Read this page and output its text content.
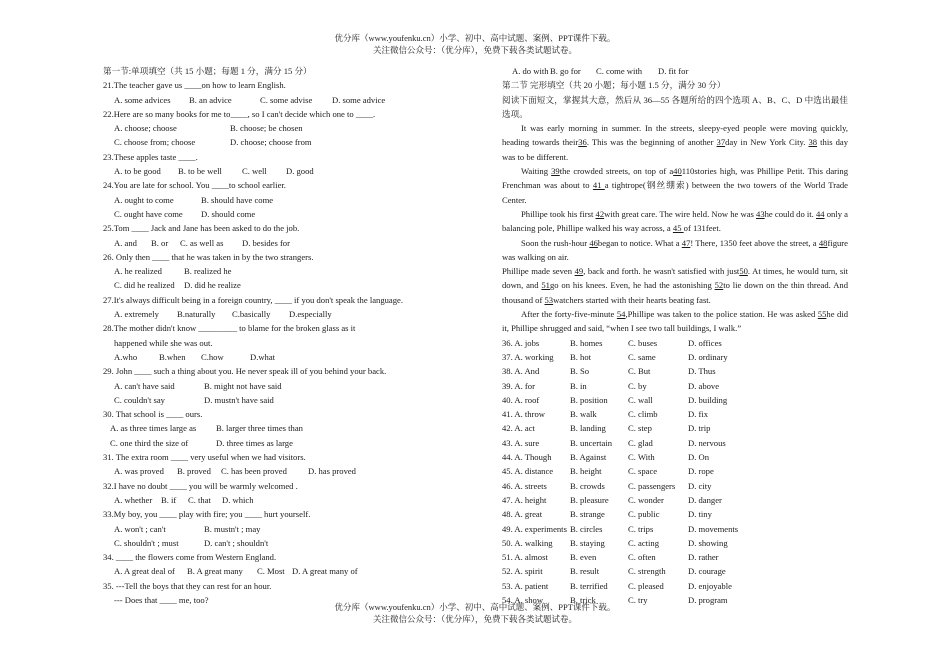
优分库（www.youfenku.cn）小学、初中、高中试题、案例、PPT课件下载。
关注微信公众号：（优分库），免费下载各类试题试卷。
第一节:单项填空（共 15 小题；每题 1 分，满分 15 分）
21.The teacher gave us ____on how to learn English.
A. some advices	B. an advice	C. some advise	D. some advice
22.Here are so many books for me to____, so I can't decide which one to ____.
A. choose; choose	B. choose; be chosen
C. choose from; choose	D. choose; choose from
23.These apples taste ____.
A. to be good	B. to be well	C. well	D. good
24.You are late for school. You ____to school earlier.
A. ought to come	B. should have come
C. ought have come	D. should come
25.Tom ____ Jack and Jane has been asked to do the job.
A. and	B. or	C. as well as	D. besides for
26. Only then ____ that he was taken in by the two strangers.
A. he realized	B. realized he
C. did he realized	D. did he realize
27.It's always difficult being in a foreign country, ____ if you don't speak the language.
A. extremely	B.naturally	C.basically	D.especially
28.The mother didn't know _________ to blame for the broken glass as it
happened while she was out.
A.who	B.when	C.how	D.what
29. John ____ such a thing about you. He never speak ill of you behind your back.
A. can't have said	B. might not have said
C. couldn't say	D. mustn't have said
30. That school is ____ ours.
A. as three times large as	B. larger three times than
C. one third the size of	D. three times as large
31. The extra room ____ very useful when we had visitors.
A. was proved	B. proved	C. has been proved	D. has proved
32.I have no doubt ____ you will be warmly welcomed .
A. whether	B. if	C. that	D. which
33.My boy, you ____ play with fire; you ____ hurt yourself.
A. won't ; can't	B. mustn't ; may
C. shouldn't ; must	D. can't ; shouldn't
34. ____ the flowers come from Western England.
A. A great deal of	B. A great many	C. Most D. A great many of
35. ---Tell the boys that they can rest for an hour.
--- Does that ____ me, too?
A. do with B. go for	C. come with	D. fit for
第二节 完形填空（共 20 小题；每小题 1.5 分，满分 30 分）
阅读下面短文，掌握其大意，然后从 36—55 各题所给的四个选项 A、B、C、D 中选出最佳选项。
It was early morning in summer. In the streets, sleepy-eyed people were moving quickly, heading towards their36. This was the beginning of another 37day in New York City. 38 this day was to be different.
Waiting 39the crowded streets, on top of a40110stories high, was Phillipe Petit. This daring Frenchman was about to 41 a tightrope(钢丝绷索) between the two towers of the World Trade Center.
Phillipe took his first 42with great care. The wire held. Now he was 43he could do it. 44 only a balancing pole, Phillipe walked his way across, a 45 of 131feet.
Soon the rush-hour 46began to notice. What a 47! There, 1350 feet above the street, a 48figure was walking on air.
Phillipe made seven 49, back and forth. he wasn't satisfied with just50. At times, he would turn, sit down, and 51go on his knees. Even, he had the astonishing 52to lie down on the thin thread. And thousand of 53watchers started with their hearts beating fast.
After the forty-five-minute 54,Phillipe was taken to the police station. He was asked 55he did it, Phillipe shrugged and said, “when I see two tall buildings, I walk.”
36. A. jobs	B. homes	C. buses	D. offices
37. A. working	B. hot	C. same	D. ordinary
38. A. And	B. So	C. But	D. Thus
39. A. for	B. in	C. by	D. above
40. A. roof	B. position	C. wall	D. building
41. A. throw	B. walk	C. climb	D. fix
42. A. act	B. landing	C. step	D. trip
43. A. sure	B. uncertain	C. glad	D. nervous
44. A. Though	B. Against	C. With	D. On
45. A. distance	B. height	C. space	D. rope
46. A. streets	B. crowds	C. passengers	D. city
47. A. height	B. pleasure	C. wonder	D. danger
48. A. great	B. strange	C. public	D. tiny
49. A. experiments B. circles	C. trips	D. movements
50. A. walking	B. staying	C. acting	D. showing
51. A. almost	B. even	C. often	D. rather
52. A. spirit	B. result	C. strength	D. courage
53. A. patient	B. terrified	C. pleased	D. enjoyable
54. A. show	B. trick	C. try	D. program
优分库（www.youfenku.cn）小学、初中、高中试题、案例、PPT课件下载。
关注微信公众号：（优分库），免费下载各类试题试卷。
